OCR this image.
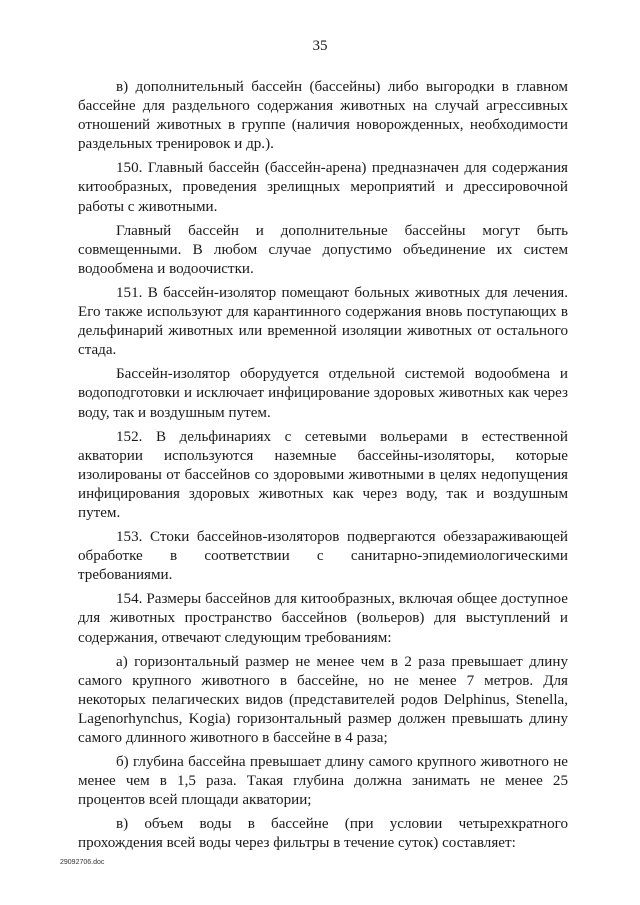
35

в) дополнительный бассейн (бассейны) либо выгородки в главном бассейне для раздельного содержания животных на случай агрессивных отношений животных в группе (наличия новорожденных, необходимости раздельных тренировок и др.).

150. Главный бассейн (бассейн-арена) предназначен для содержания китообразных, проведения зрелищных мероприятий и дрессировочной работы с животными.

Главный бассейн и дополнительные бассейны могут быть совмещенными. В любом случае допустимо объединение их систем водообмена и водоочистки.

151. В бассейн-изолятор помещают больных животных для лечения. Его также используют для карантинного содержания вновь поступающих в дельфинарий животных или временной изоляции животных от остального стада.

Бассейн-изолятор оборудуется отдельной системой водообмена и водоподготовки и исключает инфицирование здоровых животных как через воду, так и воздушным путем.

152. В дельфинариях с сетевыми вольерами в естественной акватории используются наземные бассейны-изоляторы, которые изолированы от бассейнов со здоровыми животными в целях недопущения инфицирования здоровых животных как через воду, так и воздушным путем.

153. Стоки бассейнов-изоляторов подвергаются обеззараживающей обработке в соответствии с санитарно-эпидемиологическими требованиями.

154. Размеры бассейнов для китообразных, включая общее доступное для животных пространство бассейнов (вольеров) для выступлений и содержания, отвечают следующим требованиям:

а) горизонтальный размер не менее чем в 2 раза превышает длину самого крупного животного в бассейне, но не менее 7 метров. Для некоторых пелагических видов (представителей родов Delphinus, Stenella, Lagenorhynchus, Kogia) горизонтальный размер должен превышать длину самого длинного животного в бассейне в 4 раза;

б) глубина бассейна превышает длину самого крупного животного не менее чем в 1,5 раза. Такая глубина должна занимать не менее 25 процентов всей площади акватории;

в) объем воды в бассейне (при условии четырехкратного прохождения всей воды через фильтры в течение суток) составляет:

29092706.doc
